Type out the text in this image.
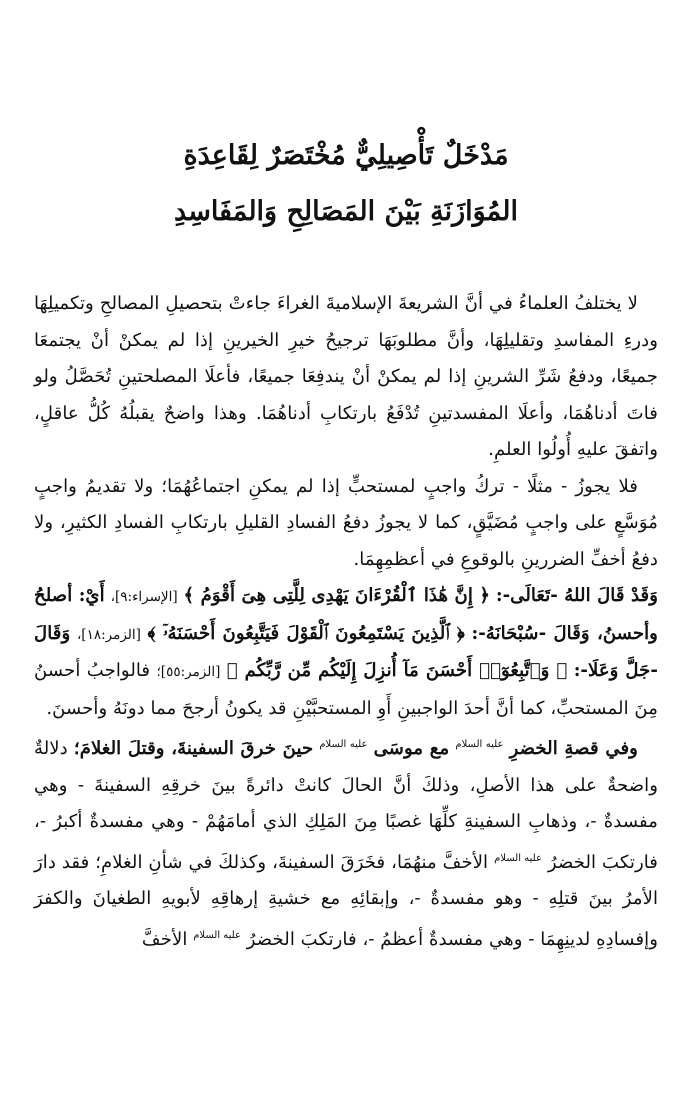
مَدْخَلٌ تَأْصِيلِيٌّ مُخْتَصَرٌ لِقَاعِدَةِ
المُوَازَنَةِ بَيْنَ المَصَالِحِ وَالمَفَاسِدِ

لا يختلفُ العلماءُ في أنَّ الشريعةَ الإسلاميةَ الغراءَ جاءتْ بتحصيلِ المصالحِ وتكميلِهَا ودرءِ المفاسدِ وتقليلِهَا، وأنَّ مطلوبَهَا ترجيحُ خيرِ الخيرينِ إذا لم يمكنْ أنْ يجتمعَا جميعًا، ودفعُ شَرِّ الشرينِ إذا لم يمكنْ أنْ يندفِعَا جميعًا، فأعلَا المصلحتينِ تُحَصَّلُ ولو فاتَ أدناهُمَا، وأعلَا المفسدتينِ تُدْفَعُ بارتكابِ أدناهُمَا. وهذا واضحٌ يقبلُهُ كُلُّ عاقلٍ، واتفقَ عليهِ أُولُوا العلمِ.

فلا يجوزُ - مثلًا - تركُ واجبٍ لمستحبٍّ إذا لم يمكنِ اجتماعُهُمَا؛ ولا تقديمُ واجبٍ مُوَسَّعٍ على واجبٍ مُضَيَّقٍ، كما لا يجوزُ دفعُ الفسادِ القليلِ بارتكابِ الفسادِ الكثيرِ، ولا دفعُ أخفِّ الضررينِ بالوقوعِ في أعظمِهِمَا.

وَقَدْ قَالَ اللهُ -تَعَالَى-: ﴿ إِنَّ هَٰذَا ٱلْقُرْءَانَ يَهْدِى لِلَّتِى هِىَ أَقْوَمُ ﴾ [الإسراء:٩]، أَيْ: أصلحُ وأحسنُ، وَقَالَ -سُبْحَانَهُ-: ﴿ ٱلَّذِينَ يَسْتَمِعُونَ ٱلْقَوْلَ فَيَتَّبِعُونَ أَحْسَنَهُۥٓ ﴾ [الزمر:١٨]، وَقَالَ -جَلَّ وَعَلَا-: ﴿ وَٱتَّبِعُوٓا۟ أَحْسَنَ مَآ أُنزِلَ إِلَيْكُم مِّن رَّبِّكُم ﴾ [الزمر:٥٥]؛ فالواجبُ أحسنُ مِنَ المستحبِّ، كما أنَّ أحدَ الواجبينِ أَوِ المستحبَّيْنِ قد يكونُ أرجحَ مما دونَهُ وأحسنَ.

وفي قصةِ الخضرِ $^{عليه السلام}$ مع موسَى $^{عليه السلام}$ حينَ خرقَ السفينةَ، وقتلَ الغلامَ؛ دلالةٌ واضحةٌ على هذا الأصلِ، وذلكَ أنَّ الحالَ كانتْ دائرةً بينَ خرقِهِ السفينةَ - وهي مفسدةٌ -، وذهابِ السفينةِ كلِّهَا غصبًا مِنَ المَلِكِ الذي أمامَهُمْ - وهي مفسدةٌ أكبرُ -، فارتكبَ الخضرُ $^{عليه السلام}$ الأخفَّ منهُمَا، فخَرَقَ السفينةَ، وكذلكَ في شأنِ الغلامِ؛ فقد دارَ الأمرُ بينَ قتلِهِ - وهو مفسدةٌ -، وإبقائِهِ مع خشيةِ إرهاقِهِ لأبويهِ الطغيانَ والكفرَ وإفسادِهِ لدينِهِمَا - وهي مفسدةٌ أعظمُ -، فارتكبَ الخضرُ $^{عليه السلام}$ الأخفَّ
